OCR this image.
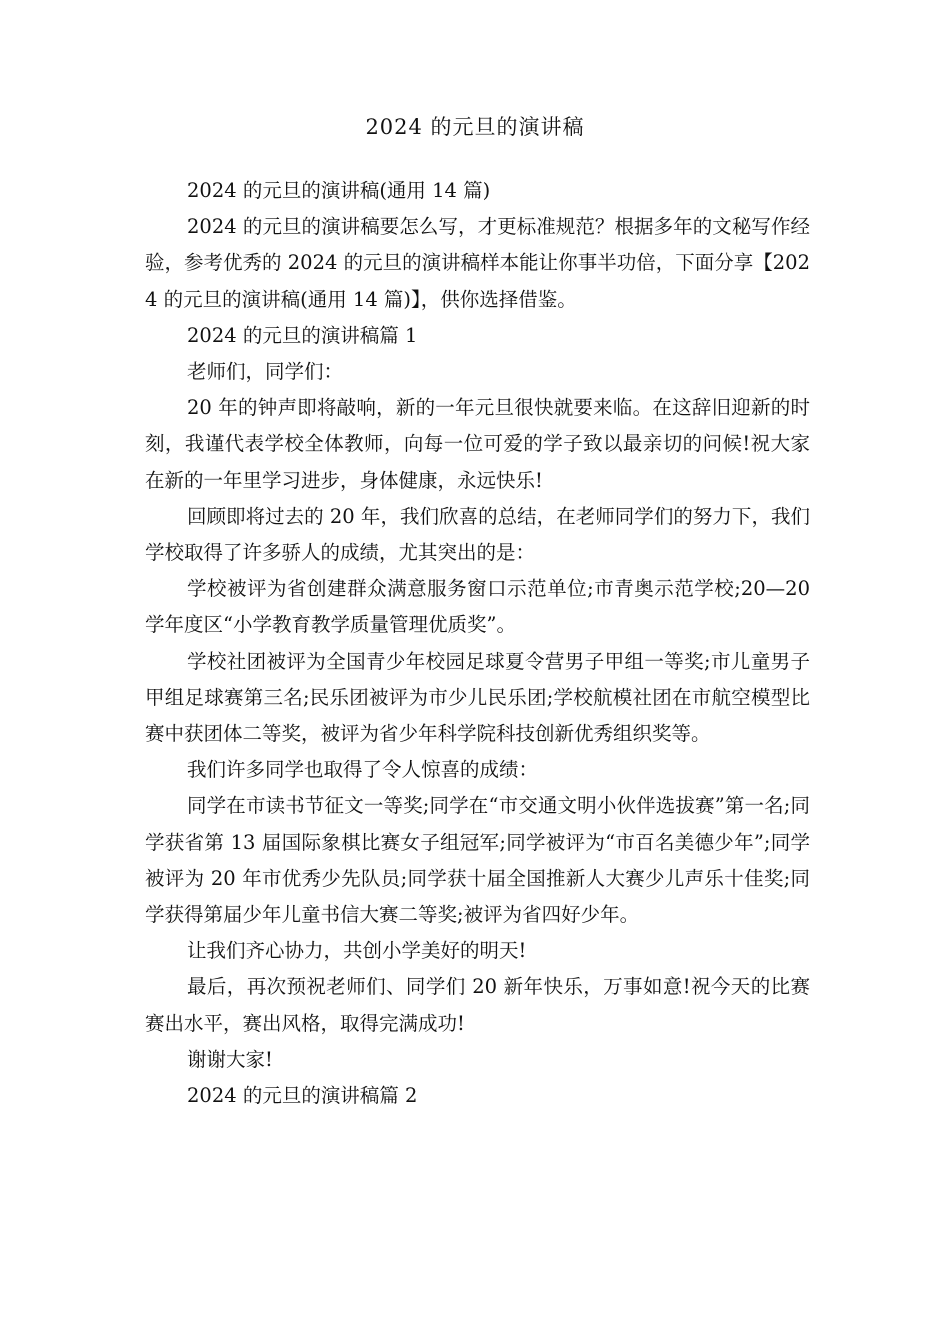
2024 的元旦的演讲稿

2024 的元旦的演讲稿(通用 14 篇)

2024 的元旦的演讲稿要怎么写，才更标准规范？根据多年的文秘写作经验，参考优秀的 2024 的元旦的演讲稿样本能让你事半功倍，下面分享【2024 的元旦的演讲稿(通用 14 篇)】，供你选择借鉴。

2024 的元旦的演讲稿篇 1

老师们，同学们：

20 年的钟声即将敲响，新的一年元旦很快就要来临。在这辞旧迎新的时刻，我谨代表学校全体教师，向每一位可爱的学子致以最亲切的问候!祝大家在新的一年里学习进步，身体健康，永远快乐!

回顾即将过去的 20 年，我们欣喜的总结，在老师同学们的努力下，我们学校取得了许多骄人的成绩，尤其突出的是：

学校被评为省创建群众满意服务窗口示范单位;市青奥示范学校;20—20 学年度区“小学教育教学质量管理优质奖”。

学校社团被评为全国青少年校园足球夏令营男子甲组一等奖;市儿童男子甲组足球赛第三名;民乐团被评为市少儿民乐团;学校航模社团在市航空模型比赛中获团体二等奖，被评为省少年科学院科技创新优秀组织奖等。

我们许多同学也取得了令人惊喜的成绩：

同学在市读书节征文一等奖;同学在“市交通文明小伙伴选拔赛”第一名;同学获省第 13 届国际象棋比赛女子组冠军;同学被评为“市百名美德少年”;同学被评为 20 年市优秀少先队员;同学获十届全国推新人大赛少儿声乐十佳奖;同学获得第届少年儿童书信大赛二等奖;被评为省四好少年。

让我们齐心协力，共创小学美好的明天!

最后，再次预祝老师们、同学们 20 新年快乐，万事如意!祝今天的比赛赛出水平，赛出风格，取得完满成功!

谢谢大家!

2024 的元旦的演讲稿篇 2
